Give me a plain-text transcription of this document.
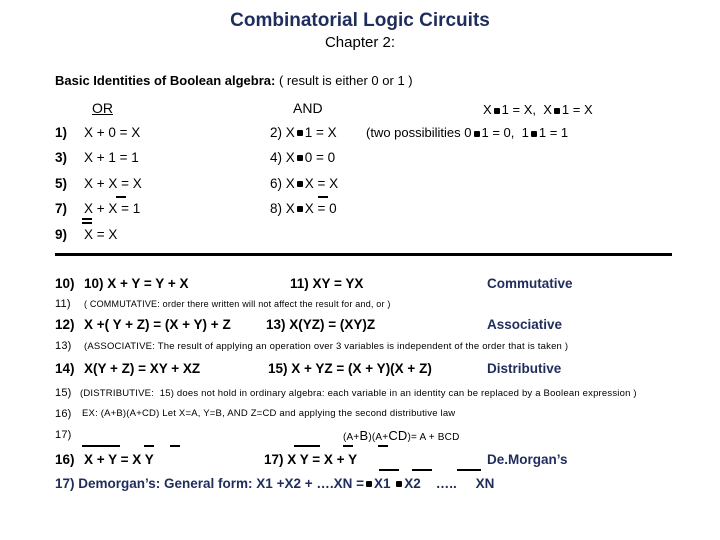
Combinatorial Logic Circuits
Chapter 2:
Basic Identities of Boolean algebra: ( result is either 0 or 1 )
OR	AND	X 1 = X, X 1 = X
1) X + 0 = X	2) X 1 = X (two possibilities 0 1 = 0, 1 1 = 1
3) X + 1 = 1	4) X 0 = 0
5) X + X = X	6) X X = X
7) X + X = 1	8) X X = 0
9) X = X
10) 10) X + Y = Y + X	11) XY = YX	Commutative
11) ( COMMUTATIVE: order there written will not affect the result for and, or )
12) X +( Y + Z) = (X + Y) + Z	13) X(YZ) = (XY)Z	Associative
13) (ASSOCIATIVE: The result of applying an operation over 3 variables is independent of the order that is taken )
14) X(Y + Z) = XY + XZ	15) X + YZ = (X + Y)(X + Z)	Distributive
15) (DISTRIBUTIVE: 15) does not hold in ordinary algebra: each variable in an identity can be replaced by a Boolean expression )
16) EX: (A+B)(A+CD) Let X=A, Y=B, AND Z=CD and applying the second distributive law
17)	(A+B)(A+CD)= A + BCD
16) X + Y = X Y	17) X Y = X + Y	De.Morgan’s
17) Demorgan’s: General form: X1 +X2 + ….XN = X1 X2 ….. XN
